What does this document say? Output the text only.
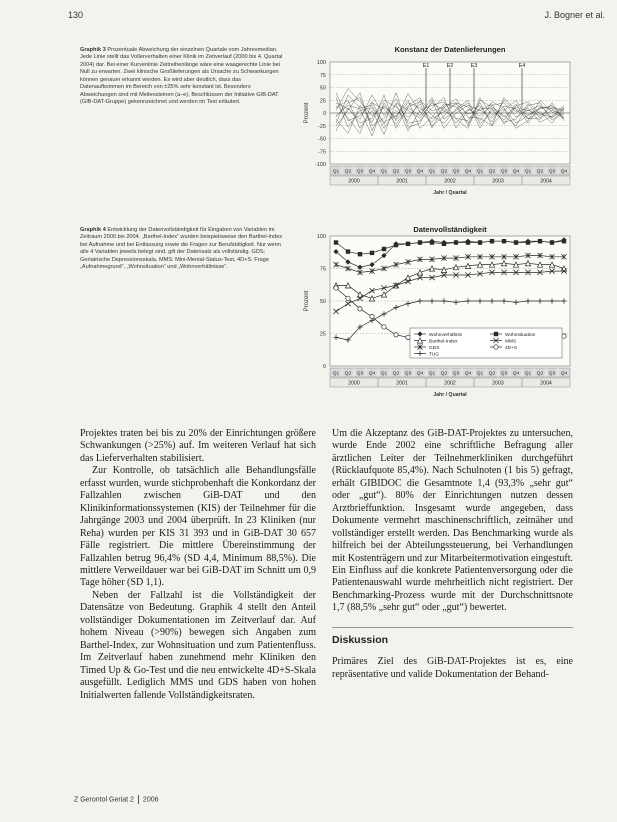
130	J. Bogner et al.
Graphik 3 Prozentuale Abweichung der einzelnen Quartale vom Jahresmedian. Jede Linie stellt das Vollerverhalten einer Klinik im Zeitverlauf (2000 bis 4. Quartal 2004) dar. Bei einer Kurvenlinie Zeitreihenlänge wäre eine waagerechte Linie bei Null zu erwarten. Zwei klinische Großlieferungen als Ursache zu Schwankungen können genauer erkannt werden. Es wird aber deutlich, dass das Datenaufkommen im Bereich von ±25% sehr konstant ist. Besonders Abweichungen sind mit Meilensteinen (a–e), Beschlüssen der Initiative GIB-DAT (GIB-DAT-Gruppe) gekennzeichnet und werden im Text erläutert.
Graphik 4 Entwicklung der Datenvollständigkeit für Eingaben von Variablen im Zeitraum 2000 bis 2004. „Barthel-Index“ wurden beispielsweise den Barthel-Index bei Aufnahme und bei Entlassung sowie die Fragen zur Berufstätigkeit. Nur wenn alle 4 Variablen jeweils belegt sind, gilt der Datensatz als vollständig. GDS: Geriatrische Depressionsskala, MMS: Mini-Mental-Status-Test, 4D+S: Frage „Aufnahmegrund“, „Wohnsituation“ und „Wohnverhältnisse“.
Konstanz der Datenlieferungen
100
75
50
25
0
-25
-50
-75
-100
Prozent
Q1 Q2 Q3 Q4 Q1 Q2 Q3 Q4 Q1 Q2 Q3 Q4 Q1 Q2 Q3 Q4 Q1 Q2 Q3 Q4
2000	2001	2002	2003	2004
Jahr / Quartal
E1	E2	E3	E4
Datenvollständigkeit
100
75
50
25
0
Prozent
Q1 Q2 Q3 Q4 Q1 Q2 Q3 Q4 Q1 Q2 Q3 Q4 Q1 Q2 Q3 Q4 Q1 Q2 Q3 Q4
2000	2001	2002	2003	2004
Jahr / Quartal
Wohnverhältnis	Wohnsituation
Barthel-Index	MMS
GDS	4D+S
TUG

Projektes traten bei bis zu 20% der Einrichtungen größere Schwankungen (>25%) auf. Im weiteren Verlauf hat sich das Lieferverhalten stabilisiert.

Zur Kontrolle, ob tatsächlich alle Behandlungsfälle erfasst wurden, wurde stichprobenhaft die Konkordanz der Fallzahlen zwischen GiB-DAT und den Klinikinformationssystemen (KIS) der Teilnehmer für die Jahrgänge 2003 und 2004 überprüft. In 23 Kliniken (nur Reha) wurden per KIS 31 393 und in GiB-DAT 30 657 Fälle registriert. Die mittlere Übereinstimmung der Fallzahlen betrug 96,4% (SD 4,4, Minimum 88,5%). Die mittlere Verweildauer war bei GiB-DAT im Schnitt um 0,9 Tage höher (SD 1,1).

Neben der Fallzahl ist die Vollständigkeit der Datensätze von Bedeutung. Graphik 4 stellt den Anteil vollständiger Dokumentationen im Zeitverlauf dar. Auf hohem Niveau (>90%) bewegen sich Angaben zum Barthel-Index, zur Wohnsituation und zum Patientenfluss. Im Zeitverlauf haben zunehmend mehr Kliniken den Timed Up & Go-Test und die neu entwickelte 4D+S-Skala ausgefüllt. Lediglich MMS und GDS haben von hohen Initialwerten fallende Vollständigkeitsraten.

Um die Akzeptanz des GiB-DAT-Projektes zu untersuchen, wurde Ende 2002 eine schriftliche Befragung aller ärztlichen Leiter der Teilnehmerkliniken durchgeführt (Rücklaufquote 85,4%). Nach Schulnoten (1 bis 5) gefragt, erhält GIBIDOC die Gesamtnote 1,4 (93,3% „sehr gut“ oder „gut“). 80% der Einrichtungen nutzen dessen Arztbrieffunktion. Insgesamt wurde angegeben, dass Dokumente vermehrt maschinenschriftlich, zeitnäher und vollständiger erstellt werden. Das Benchmarking wurde als hilfreich bei der Abteilungssteuerung, bei Verhandlungen mit Kostenträgern und zur Mitarbeitermotivation eingestuft. Ein Einfluss auf die konkrete Patientenversorgung oder die Patientenauswahl wurde mehrheitlich nicht registriert. Der Benchmarking-Prozess wurde mit der Durchschnittsnote 1,7 (88,5% „sehr gut“ oder „gut“) bewertet.

Diskussion

Primäres Ziel des GiB-DAT-Projektes ist es, eine repräsentative und valide Dokumentation der Behand-

Z Gerontol Geriat 2 2006
